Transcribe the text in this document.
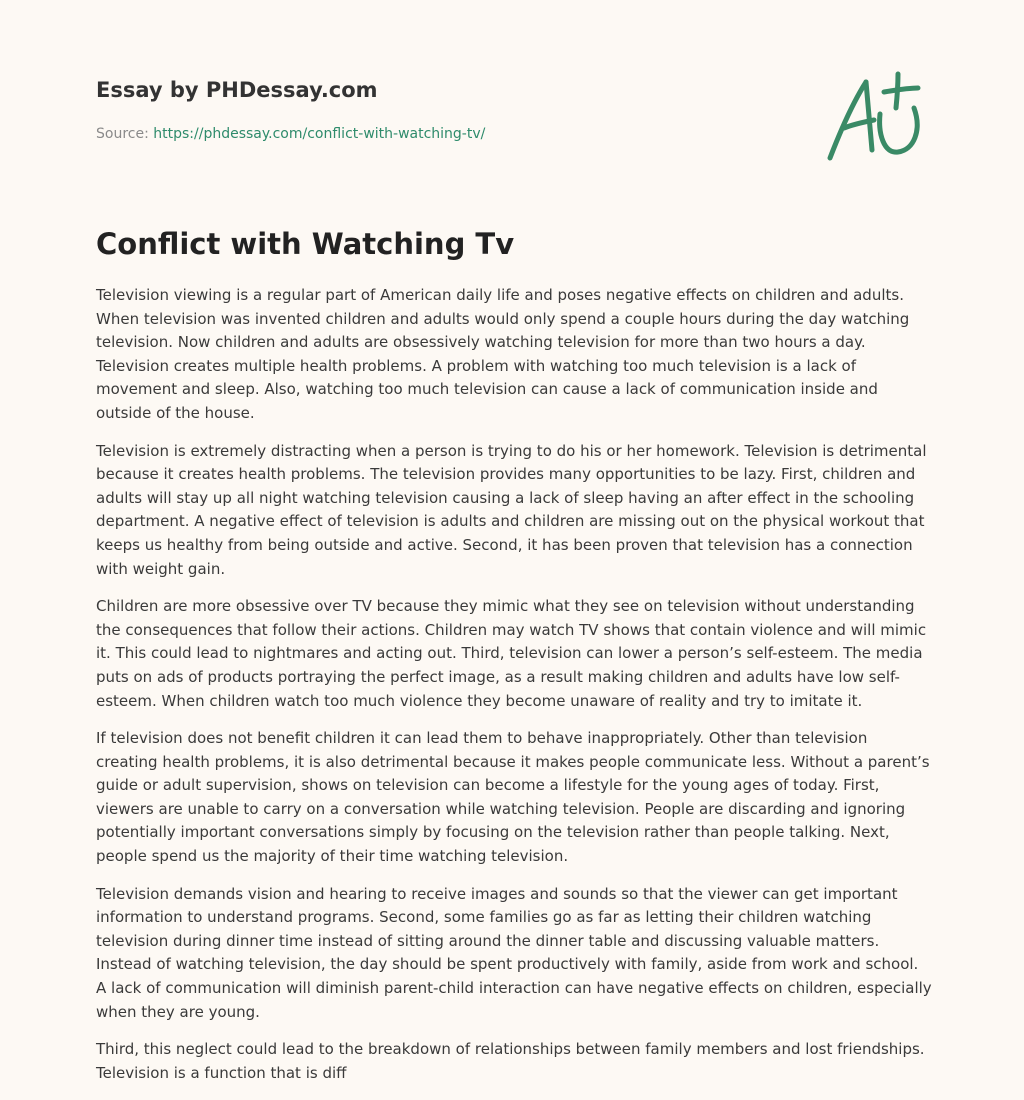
Essay by PHDessay.com
Source: https://phdessay.com/conflict-with-watching-tv/
Conflict with Watching Tv

Television viewing is a regular part of American daily life and poses negative effects on children and adults. When television was invented children and adults would only spend a couple hours during the day watching television. Now children and adults are obsessively watching television for more than two hours a day. Television creates multiple health problems. A problem with watching too much television is a lack of movement and sleep. Also, watching too much television can cause a lack of communication inside and outside of the house.

Television is extremely distracting when a person is trying to do his or her homework. Television is detrimental because it creates health problems. The television provides many opportunities to be lazy. First, children and adults will stay up all night watching television causing a lack of sleep having an after effect in the schooling department. A negative effect of television is adults and children are missing out on the physical workout that keeps us healthy from being outside and active. Second, it has been proven that television has a connection with weight gain.

Children are more obsessive over TV because they mimic what they see on television without understanding the consequences that follow their actions. Children may watch TV shows that contain violence and will mimic it. This could lead to nightmares and acting out. Third, television can lower a person’s self-esteem. The media puts on ads of products portraying the perfect image, as a result making children and adults have low self-esteem. When children watch too much violence they become unaware of reality and try to imitate it.

If television does not benefit children it can lead them to behave inappropriately. Other than television creating health problems, it is also detrimental because it makes people communicate less. Without a parent’s guide or adult supervision, shows on television can become a lifestyle for the young ages of today. First, viewers are unable to carry on a conversation while watching television. People are discarding and ignoring potentially important conversations simply by focusing on the television rather than people talking. Next, people spend us the majority of their time watching television.

Television demands vision and hearing to receive images and sounds so that the viewer can get important information to understand programs. Second, some families go as far as letting their children watching television during dinner time instead of sitting around the dinner table and discussing valuable matters. Instead of watching television, the day should be spent productively with family, aside from work and school. A lack of communication will diminish parent-child interaction can have negative effects on children, especially when they are young.

Third, this neglect could lead to the breakdown of relationships between family members and lost friendships. Television is a function that is diff
